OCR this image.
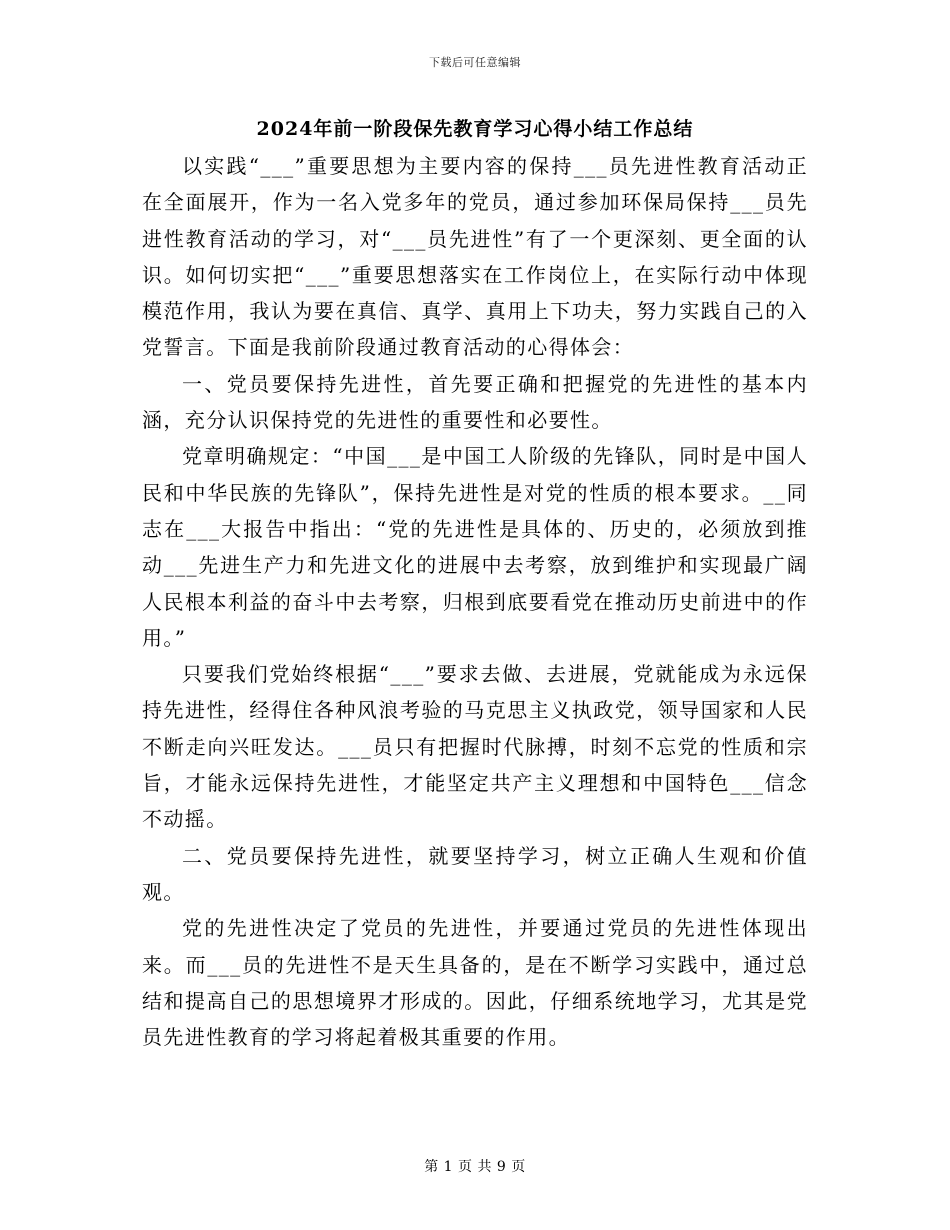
下载后可任意编辑
2024年前一阶段保先教育学习心得小结工作总结

以实践“___”重要思想为主要内容的保持___员先进性教育活动正在全面展开，作为一名入党多年的党员，通过参加环保局保持___员先进性教育活动的学习，对“___员先进性”有了一个更深刻、更全面的认识。如何切实把“___”重要思想落实在工作岗位上，在实际行动中体现模范作用，我认为要在真信、真学、真用上下功夫，努力实践自己的入党誓言。下面是我前阶段通过教育活动的心得体会：

一、党员要保持先进性，首先要正确和把握党的先进性的基本内涵，充分认识保持党的先进性的重要性和必要性。

党章明确规定：“中国___是中国工人阶级的先锋队，同时是中国人民和中华民族的先锋队”，保持先进性是对党的性质的根本要求。__同志在___大报告中指出：“党的先进性是具体的、历史的，必须放到推动___先进生产力和先进文化的进展中去考察，放到维护和实现最广阔人民根本利益的奋斗中去考察，归根到底要看党在推动历史前进中的作用。”

只要我们党始终根据“___”要求去做、去进展，党就能成为永远保持先进性，经得住各种风浪考验的马克思主义执政党，领导国家和人民不断走向兴旺发达。___员只有把握时代脉搏，时刻不忘党的性质和宗旨，才能永远保持先进性，才能坚定共产主义理想和中国特色___信念不动摇。

二、党员要保持先进性，就要坚持学习，树立正确人生观和价值观。

党的先进性决定了党员的先进性，并要通过党员的先进性体现出来。而___员的先进性不是天生具备的，是在不断学习实践中，通过总结和提高自己的思想境界才形成的。因此，仔细系统地学习，尤其是党员先进性教育的学习将起着极其重要的作用。

第 1 页 共 9 页
